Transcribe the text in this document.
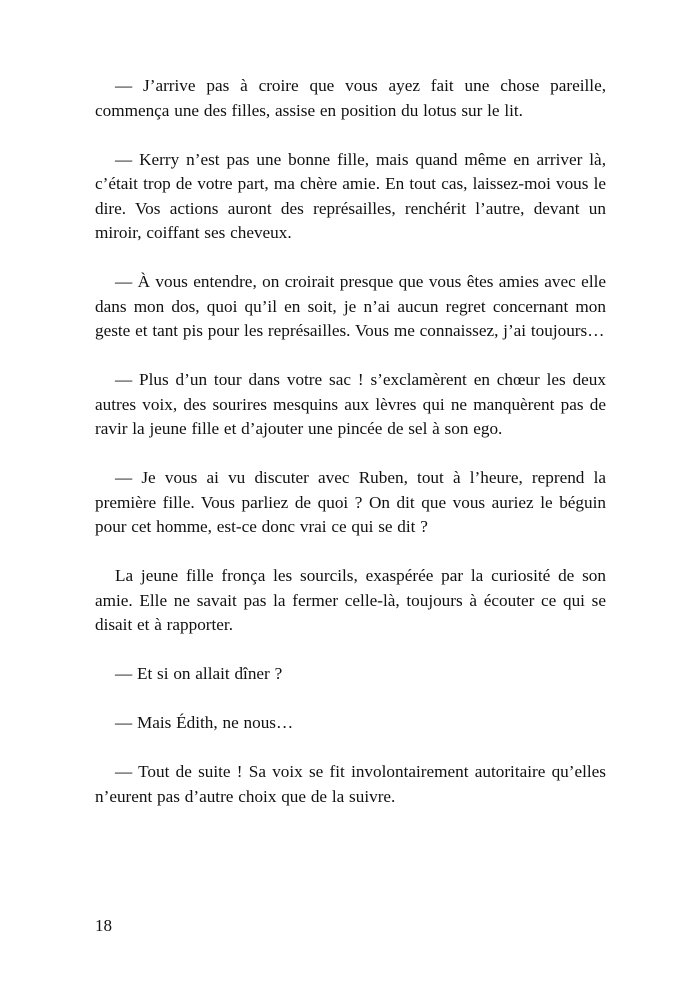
— J’arrive pas à croire que vous ayez fait une chose pareille, commença une des filles, assise en position du lotus sur le lit.

— Kerry n’est pas une bonne fille, mais quand même en arriver là, c’était trop de votre part, ma chère amie. En tout cas, laissez-moi vous le dire. Vos actions auront des représailles, renchérit l’autre, devant un miroir, coiffant ses cheveux.

— À vous entendre, on croirait presque que vous êtes amies avec elle dans mon dos, quoi qu’il en soit, je n’ai aucun regret concernant mon geste et tant pis pour les représailles. Vous me connaissez, j’ai toujours…

— Plus d’un tour dans votre sac ! s’exclamèrent en chœur les deux autres voix, des sourires mesquins aux lèvres qui ne manquèrent pas de ravir la jeune fille et d’ajouter une pincée de sel à son ego.

— Je vous ai vu discuter avec Ruben, tout à l’heure, reprend la première fille. Vous parliez de quoi ? On dit que vous auriez le béguin pour cet homme, est-ce donc vrai ce qui se dit ?

La jeune fille fronça les sourcils, exaspérée par la curiosité de son amie. Elle ne savait pas la fermer celle-là, toujours à écouter ce qui se disait et à rapporter.

— Et si on allait dîner ?

— Mais Édith, ne nous…

— Tout de suite ! Sa voix se fit involontairement autoritaire qu’elles n’eurent pas d’autre choix que de la suivre.

18
